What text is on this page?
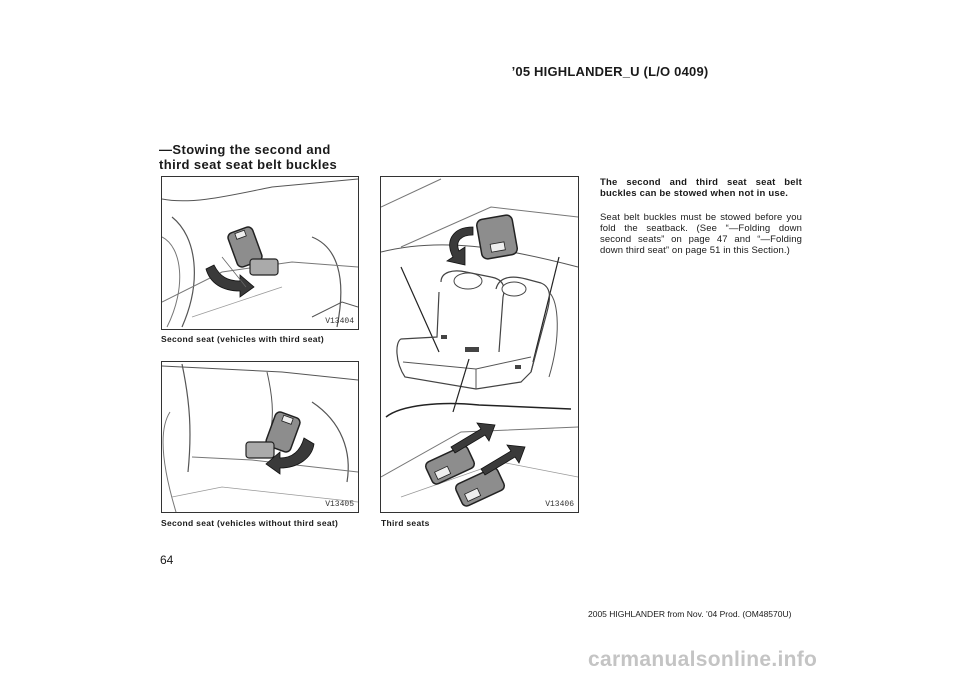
’05 HIGHLANDER_U (L/O 0409)
—Stowing the second and
third seat seat belt buckles
V13404
Second seat (vehicles with third seat)
V13405
Second seat (vehicles without third seat)
V13406
Third seats
The second and third seat seat belt buckles can be stowed when not in use.
Seat belt buckles must be stowed before you fold the seatback. (See “—Folding down second seats” on page 47 and “—Folding down third seat” on page 51 in this Section.)
64
2005 HIGHLANDER from Nov. ’04 Prod. (OM48570U)
carmanualsonline.info
